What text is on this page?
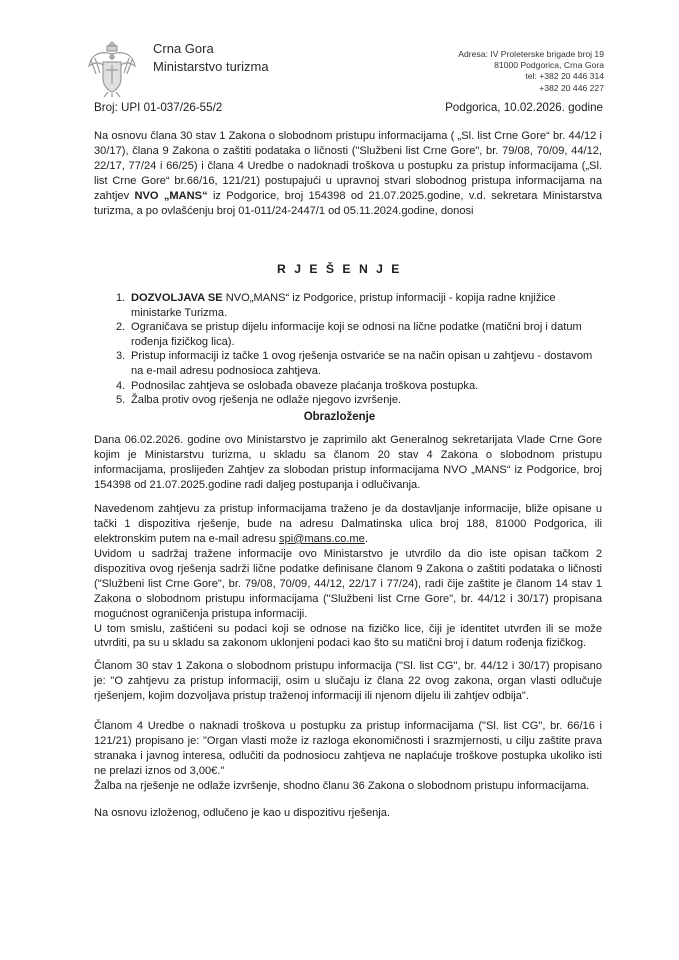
Crna Gora
Ministarstvo turizma
Adresa: IV Proleterske brigade broj 19
81000 Podgorica, Crna Gora
tel: +382 20 446 314
+382 20 446 227
Broj: UPI 01-037/26-55/2	Podgorica, 10.02.2026. godine

Na osnovu člana 30 stav 1 Zakona o slobodnom pristupu informacijama ( „Sl. list Crne Gore“ br. 44/12 i 30/17), člana 9 Zakona o zaštiti podataka o ličnosti ("Službeni list Crne Gore", br. 79/08, 70/09, 44/12, 22/17, 77/24 i 66/25) i člana 4 Uredbe o nadoknadi troškova u postupku za pristup informacijama („Sl. list Crne Gore“ br.66/16, 121/21) postupajući u upravnoj stvari slobodnog pristupa informacijama na zahtjev NVO „MANS“ iz Podgorice, broj 154398 od 21.07.2025.godine, v.d. sekretara Ministarstva turizma, a po ovlašćenju broj 01-011/24-2447/1 od 05.11.2024.godine, donosi

R J E Š E N J E
1. DOZVOLJAVA SE NVO„MANS“ iz Podgorice, pristup informaciji - kopija radne knjižice ministarke Turizma.
2. Ograničava se pristup dijelu informacije koji se odnosi na lične podatke (matični broj i datum rođenja fizičkog lica).
3. Pristup informaciji iz tačke 1 ovog rješenja ostvariće se na način opisan u zahtjevu - dostavom na e-mail adresu podnosioca zahtjeva.
4. Podnosilac zahtjeva se oslobađa obaveze plaćanja troškova postupka.
5. Žalba protiv ovog rješenja ne odlaže njegovo izvršenje.
Obrazloženje

Dana 06.02.2026. godine ovo Ministarstvo je zaprimilo akt Generalnog sekretarijata Vlade Crne Gore kojim je Ministarstvu turizma, u skladu sa članom 20 stav 4 Zakona o slobodnom pristupu informacijama, proslijeđen Zahtjev za slobodan pristup informacijama NVO „MANS“ iz Podgorice, broj 154398 od 21.07.2025.godine radi daljeg postupanja i odlučivanja.

Navedenom zahtjevu za pristup informacijama traženo je da dostavljanje informacije, bliže opisane u tački 1 dispozitiva rješenje, bude na adresu Dalmatinska ulica broj 188, 81000 Podgorica, ili elektronskim putem na e-mail adresu spi@mans.co.me.

Uvidom u sadržaj tražene informacije ovo Ministarstvo je utvrdilo da dio iste opisan tačkom 2 dispozitiva ovog rješenja sadrži lične podatke definisane članom 9 Zakona o zaštiti podataka o ličnosti ("Službeni list Crne Gore", br. 79/08, 70/09, 44/12, 22/17 i 77/24), radi čije zaštite je članom 14 stav 1 Zakona o slobodnom pristupu informacijama ("Službeni list Crne Gore", br. 44/12 i 30/17) propisana mogućnost ograničenja pristupa informaciji.

U tom smislu, zaštićeni su podaci koji se odnose na fizičko lice, čiji je identitet utvrđen ili se može utvrditi, pa su u skladu sa zakonom uklonjeni podaci kao što su matični broj i datum rođenja fizičkog.

Članom 30 stav 1 Zakona o slobodnom pristupu informacija ("Sl. list CG", br. 44/12 i 30/17) propisano je: "O zahtjevu za pristup informaciji, osim u slučaju iz člana 22 ovog zakona, organ vlasti odlučuje rješenjem, kojim dozvoljava pristup traženoj informaciji ili njenom dijelu ili zahtjev odbija".

Članom 4 Uredbe o naknadi troškova u postupku za pristup informacijama ("Sl. list CG", br. 66/16 i 121/21) propisano je: "Organ vlasti može iz razloga ekonomičnosti i srazmjernosti, u cilju zaštite prava stranaka i javnog interesa, odlučiti da podnosiocu zahtjeva ne naplaćuje troškove postupka ukoliko isti ne prelazi iznos od 3,00€."

Žalba na rješenje ne odlaže izvršenje, shodno članu 36 Zakona o slobodnom pristupu informacijama.

Na osnovu izloženog, odlučeno je kao u dispozitivu rješenja.
